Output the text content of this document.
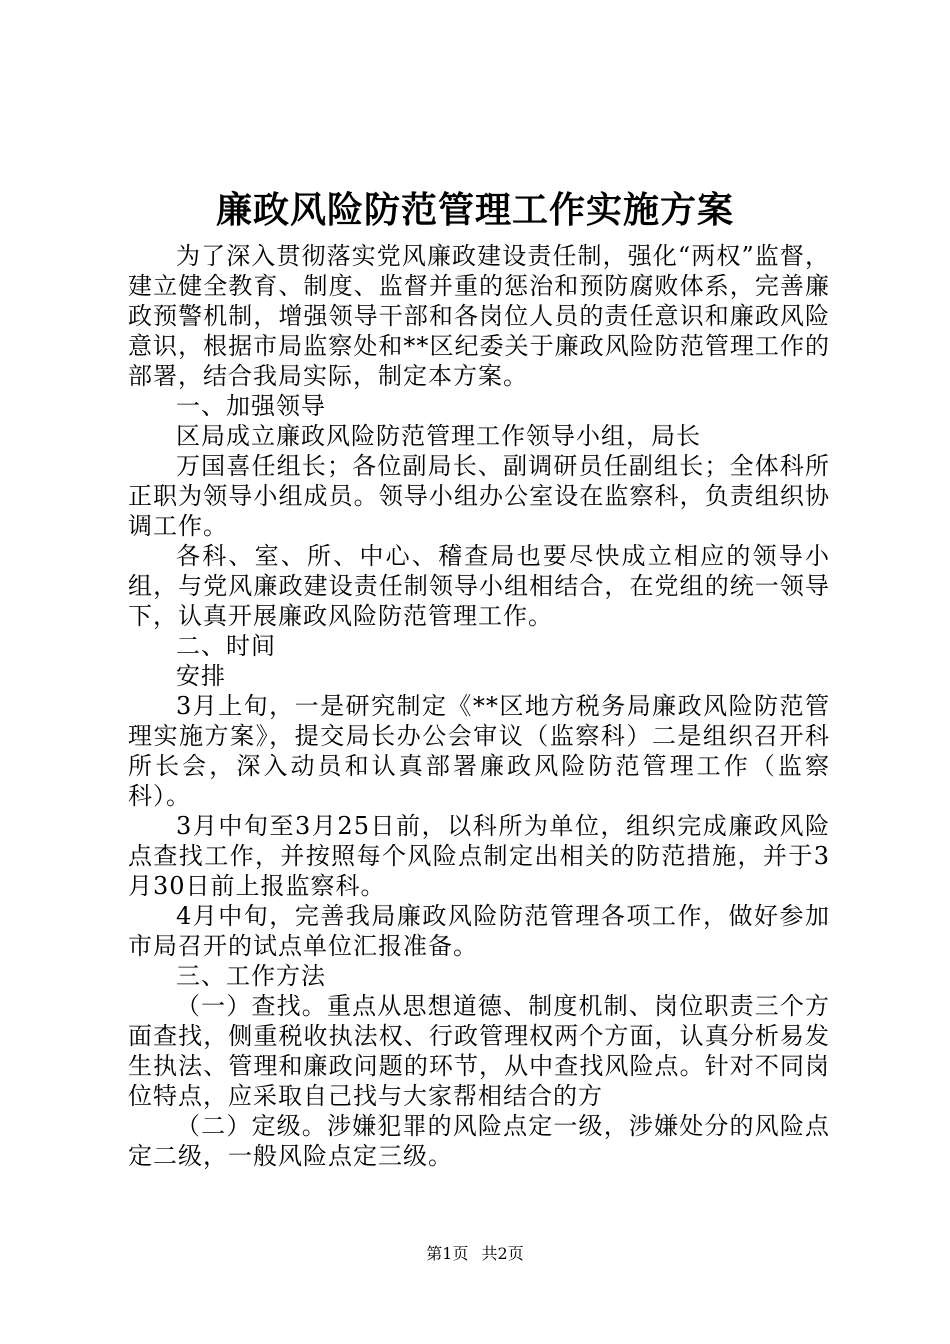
廉政风险防范管理工作实施方案

为了深入贯彻落实党风廉政建设责任制，强化“两权”监督，建立健全教育、制度、监督并重的惩治和预防腐败体系，完善廉政预警机制，增强领导干部和各岗位人员的责任意识和廉政风险意识，根据市局监察处和**区纪委关于廉政风险防范管理工作的部署，结合我局实际，制定本方案。

一、加强领导

区局成立廉政风险防范管理工作领导小组，局长

万国喜任组长；各位副局长、副调研员任副组长；全体科所正职为领导小组成员。领导小组办公室设在监察科，负责组织协调工作。

各科、室、所、中心、稽查局也要尽快成立相应的领导小组，与党风廉政建设责任制领导小组相结合，在党组的统一领导下，认真开展廉政风险防范管理工作。

二、时间

安排

3月上旬，一是研究制定《**区地方税务局廉政风险防范管理实施方案》，提交局长办公会审议（监察科）二是组织召开科所长会，深入动员和认真部署廉政风险防范管理工作（监察科）。

3月中旬至3月25日前，以科所为单位，组织完成廉政风险点查找工作，并按照每个风险点制定出相关的防范措施，并于3月30日前上报监察科。

4月中旬，完善我局廉政风险防范管理各项工作，做好参加市局召开的试点单位汇报准备。

三、工作方法

（一）查找。重点从思想道德、制度机制、岗位职责三个方面查找，侧重税收执法权、行政管理权两个方面，认真分析易发生执法、管理和廉政问题的环节，从中查找风险点。针对不同岗位特点，应采取自己找与大家帮相结合的方

（二）定级。涉嫌犯罪的风险点定一级，涉嫌处分的风险点定二级，一般风险点定三级。

第1页 共2页
